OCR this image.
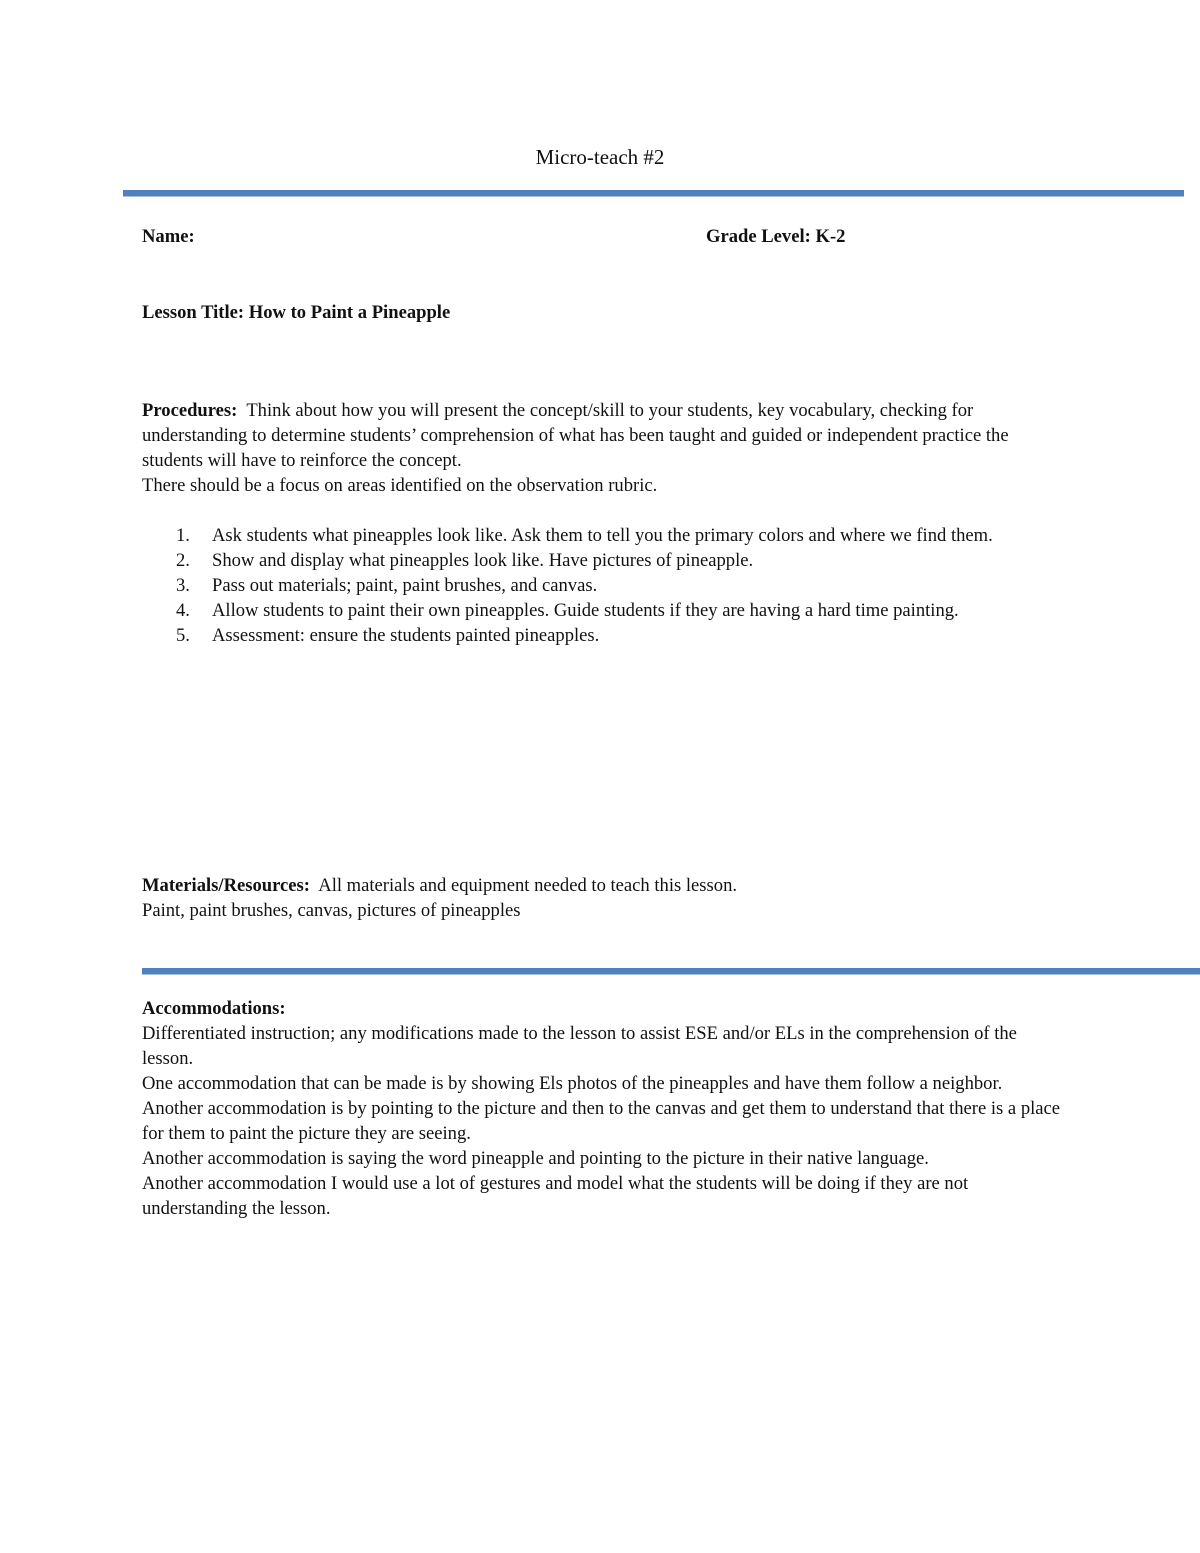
Micro-teach #2
Name:	Grade Level: K-2
Lesson Title: How to Paint a Pineapple

Procedures: Think about how you will present the concept/skill to your students, key vocabulary, checking for understanding to determine students’ comprehension of what has been taught and guided or independent practice the students will have to reinforce the concept.

There should be a focus on areas identified on the observation rubric.

1. Ask students what pineapples look like. Ask them to tell you the primary colors and where we find them.
2. Show and display what pineapples look like. Have pictures of pineapple.
3. Pass out materials; paint, paint brushes, and canvas.
4. Allow students to paint their own pineapples. Guide students if they are having a hard time painting.
5. Assessment: ensure the students painted pineapples.

Materials/Resources: All materials and equipment needed to teach this lesson.

Paint, paint brushes, canvas, pictures of pineapples

Accommodations:

Differentiated instruction; any modifications made to the lesson to assist ESE and/or ELs in the comprehension of the lesson.

One accommodation that can be made is by showing Els photos of the pineapples and have them follow a neighbor.

Another accommodation is by pointing to the picture and then to the canvas and get them to understand that there is a place for them to paint the picture they are seeing.

Another accommodation is saying the word pineapple and pointing to the picture in their native language.

Another accommodation I would use a lot of gestures and model what the students will be doing if they are not understanding the lesson.
